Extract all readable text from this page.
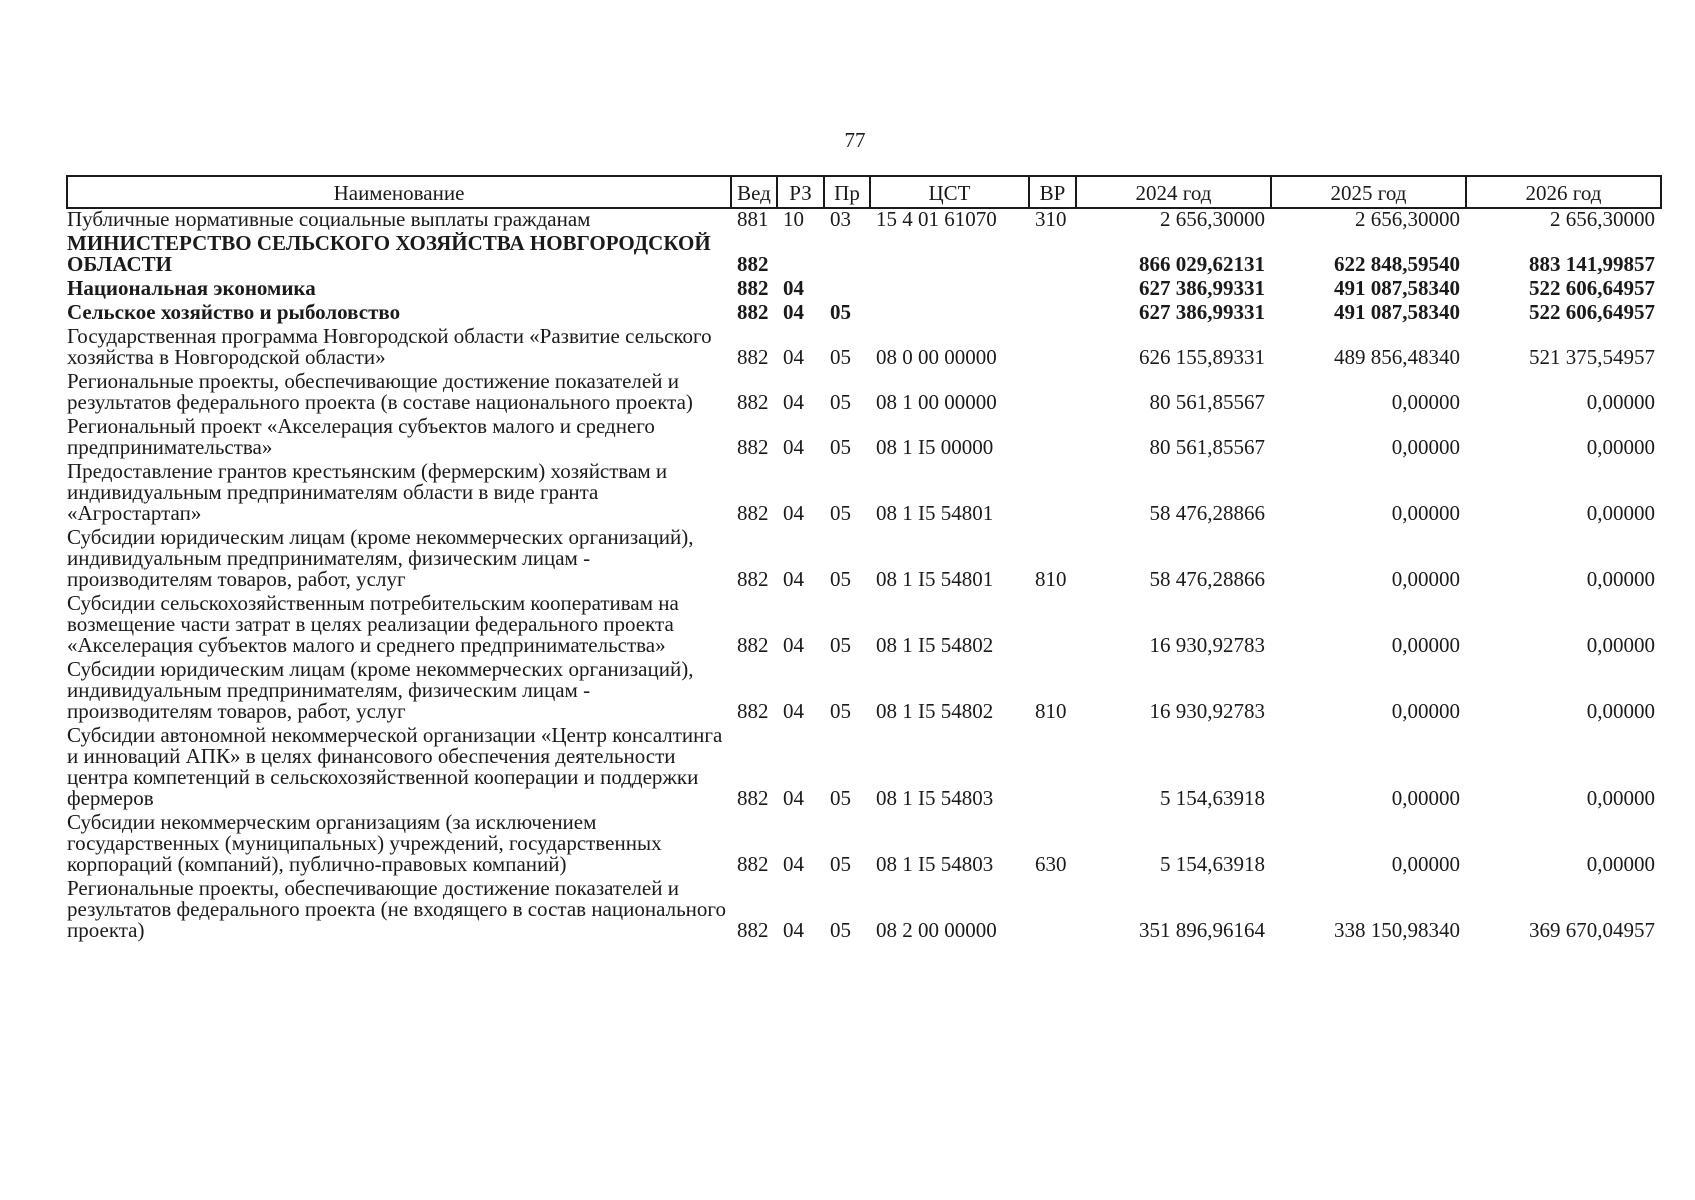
77
Наименование	Вед	РЗ	Пр	ЦСТ	ВР	2024 год	2025 год	2026 год
Публичные нормативные социальные выплаты гражданам	881	10	03	15 4 01 61070	310	2 656,30000	2 656,30000	2 656,30000
МИНИСТЕРСТВО СЕЛЬСКОГО ХОЗЯЙСТВА НОВГОРОДСКОЙ ОБЛАСТИ	882					866 029,62131	622 848,59540	883 141,99857
Национальная экономика	882	04				627 386,99331	491 087,58340	522 606,64957
Сельское хозяйство и рыболовство	882	04	05			627 386,99331	491 087,58340	522 606,64957
Государственная программа Новгородской области «Развитие сельского хозяйства в Новгородской области»	882	04	05	08 0 00 00000		626 155,89331	489 856,48340	521 375,54957
Региональные проекты, обеспечивающие достижение показателей и результатов федерального проекта (в составе национального проекта)	882	04	05	08 1 00 00000		80 561,85567	0,00000	0,00000
Региональный проект «Акселерация субъектов малого и среднего предпринимательства»	882	04	05	08 1 I5 00000		80 561,85567	0,00000	0,00000
Предоставление грантов крестьянским (фермерским) хозяйствам и индивидуальным предпринимателям области в виде гранта «Агростартап»	882	04	05	08 1 I5 54801		58 476,28866	0,00000	0,00000
Субсидии юридическим лицам (кроме некоммерческих организаций), индивидуальным предпринимателям, физическим лицам - производителям товаров, работ, услуг	882	04	05	08 1 I5 54801	810	58 476,28866	0,00000	0,00000
Субсидии сельскохозяйственным потребительским кооперативам на возмещение части затрат в целях реализации федерального проекта «Акселерация субъектов малого и среднего предпринимательства»	882	04	05	08 1 I5 54802		16 930,92783	0,00000	0,00000
Субсидии юридическим лицам (кроме некоммерческих организаций), индивидуальным предпринимателям, физическим лицам - производителям товаров, работ, услуг	882	04	05	08 1 I5 54802	810	16 930,92783	0,00000	0,00000
Субсидии автономной некоммерческой организации «Центр консалтинга и инноваций АПК» в целях финансового обеспечения деятельности центра компетенций в сельскохозяйственной кооперации и поддержки фермеров	882	04	05	08 1 I5 54803		5 154,63918	0,00000	0,00000
Субсидии некоммерческим организациям (за исключением государственных (муниципальных) учреждений, государственных корпораций (компаний), публично-правовых компаний)	882	04	05	08 1 I5 54803	630	5 154,63918	0,00000	0,00000
Региональные проекты, обеспечивающие достижение показателей и результатов федерального проекта (не входящего в состав национального проекта)	882	04	05	08 2 00 00000		351 896,96164	338 150,98340	369 670,04957
